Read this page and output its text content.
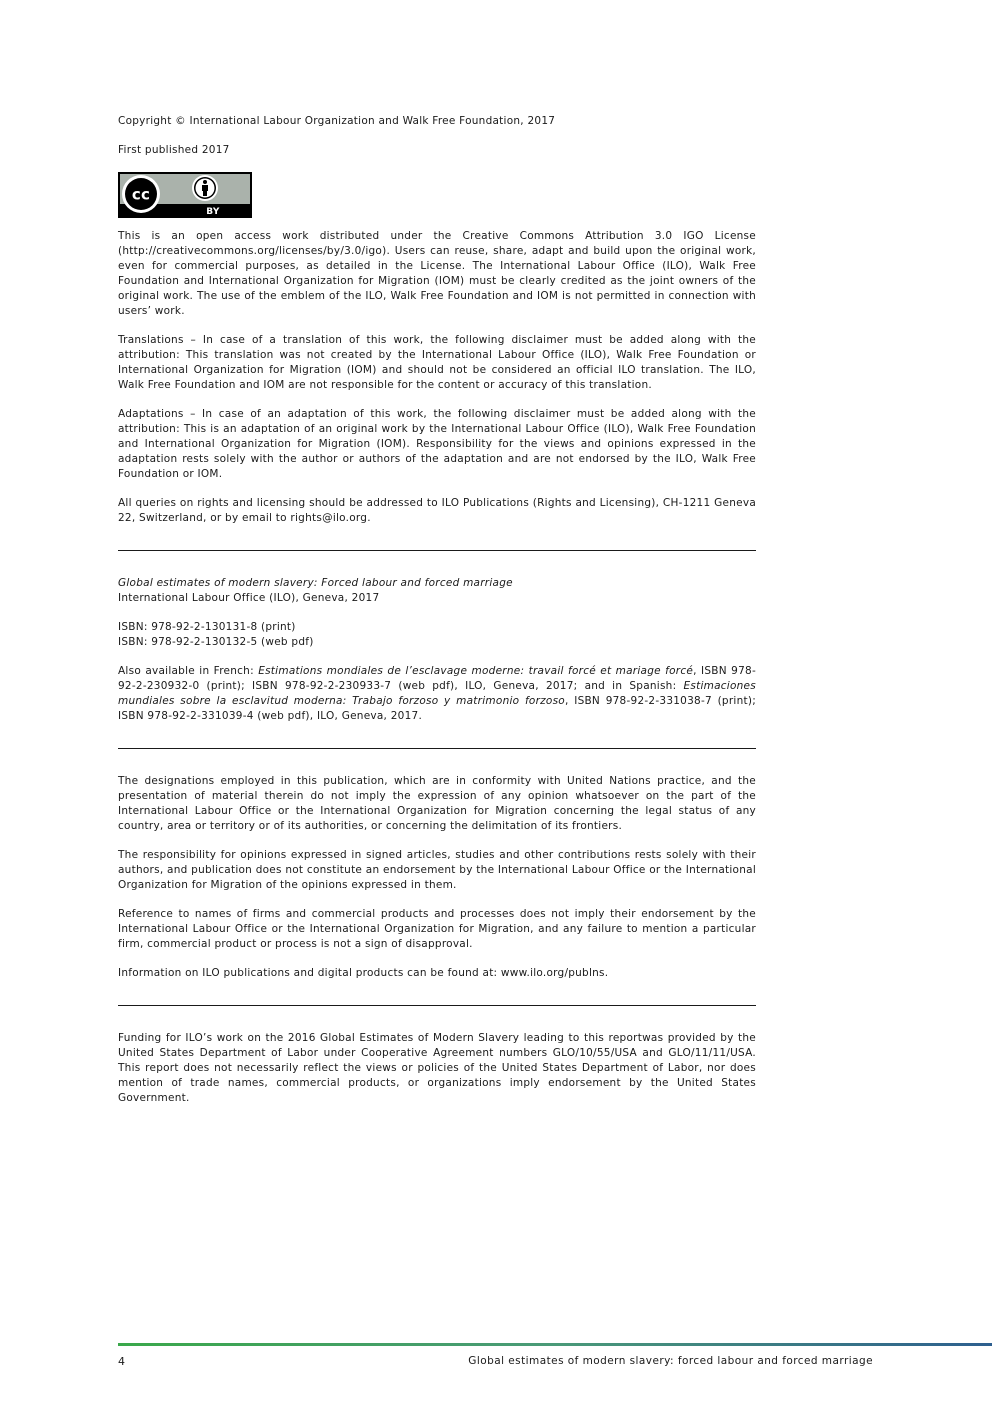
Copyright © International Labour Organization and Walk Free Foundation, 2017

First published 2017

cc
BY

This is an open access work distributed under the Creative Commons Attribution 3.0 IGO License (http://creativecommons.org/licenses/by/3.0/igo). Users can reuse, share, adapt and build upon the original work, even for commercial purposes, as detailed in the License. The International Labour Office (ILO), Walk Free Foundation and International Organization for Migration (IOM) must be clearly credited as the joint owners of the original work. The use of the emblem of the ILO, Walk Free Foundation and IOM is not permitted in connection with users’ work.

Translations – In case of a translation of this work, the following disclaimer must be added along with the attribution: This translation was not created by the International Labour Office (ILO), Walk Free Foundation or International Organization for Migration (IOM) and should not be considered an official ILO translation. The ILO, Walk Free Foundation and IOM are not responsible for the content or accuracy of this translation.

Adaptations – In case of an adaptation of this work, the following disclaimer must be added along with the attribution: This is an adaptation of an original work by the International Labour Office (ILO), Walk Free Foundation and International Organization for Migration (IOM). Responsibility for the views and opinions expressed in the adaptation rests solely with the author or authors of the adaptation and are not endorsed by the ILO, Walk Free Foundation or IOM.

All queries on rights and licensing should be addressed to ILO Publications (Rights and Licensing), CH-1211 Geneva 22, Switzerland, or by email to rights@ilo.org.

Global estimates of modern slavery: Forced labour and forced marriage
International Labour Office (ILO), Geneva, 2017

ISBN: 978-92-2-130131-8 (print)
ISBN: 978-92-2-130132-5 (web pdf)

Also available in French: Estimations mondiales de l’esclavage moderne: travail forcé et mariage forcé, ISBN 978-92-2-230932-0 (print); ISBN 978-92-2-230933-7 (web pdf), ILO, Geneva, 2017; and in Spanish: Estimaciones mundiales sobre la esclavitud moderna: Trabajo forzoso y matrimonio forzoso, ISBN 978-92-2-331038-7 (print); ISBN 978-92-2-331039-4 (web pdf), ILO, Geneva, 2017.

The designations employed in this publication, which are in conformity with United Nations practice, and the presentation of material therein do not imply the expression of any opinion whatsoever on the part of the International Labour Office or the International Organization for Migration concerning the legal status of any country, area or territory or of its authorities, or concerning the delimitation of its frontiers.

The responsibility for opinions expressed in signed articles, studies and other contributions rests solely with their authors, and publication does not constitute an endorsement by the International Labour Office or the International Organization for Migration of the opinions expressed in them.

Reference to names of firms and commercial products and processes does not imply their endorsement by the International Labour Office or the International Organization for Migration, and any failure to mention a particular firm, commercial product or process is not a sign of disapproval.

Information on ILO publications and digital products can be found at: www.ilo.org/publns.

Funding for ILO’s work on the 2016 Global Estimates of Modern Slavery leading to this reportwas provided by the United States Department of Labor under Cooperative Agreement numbers GLO/10/55/USA and GLO/11/11/USA. This report does not necessarily reflect the views or policies of the United States Department of Labor, nor does mention of trade names, commercial products, or organizations imply endorsement by the United States Government.

4	Global estimates of modern slavery: forced labour and forced marriage
